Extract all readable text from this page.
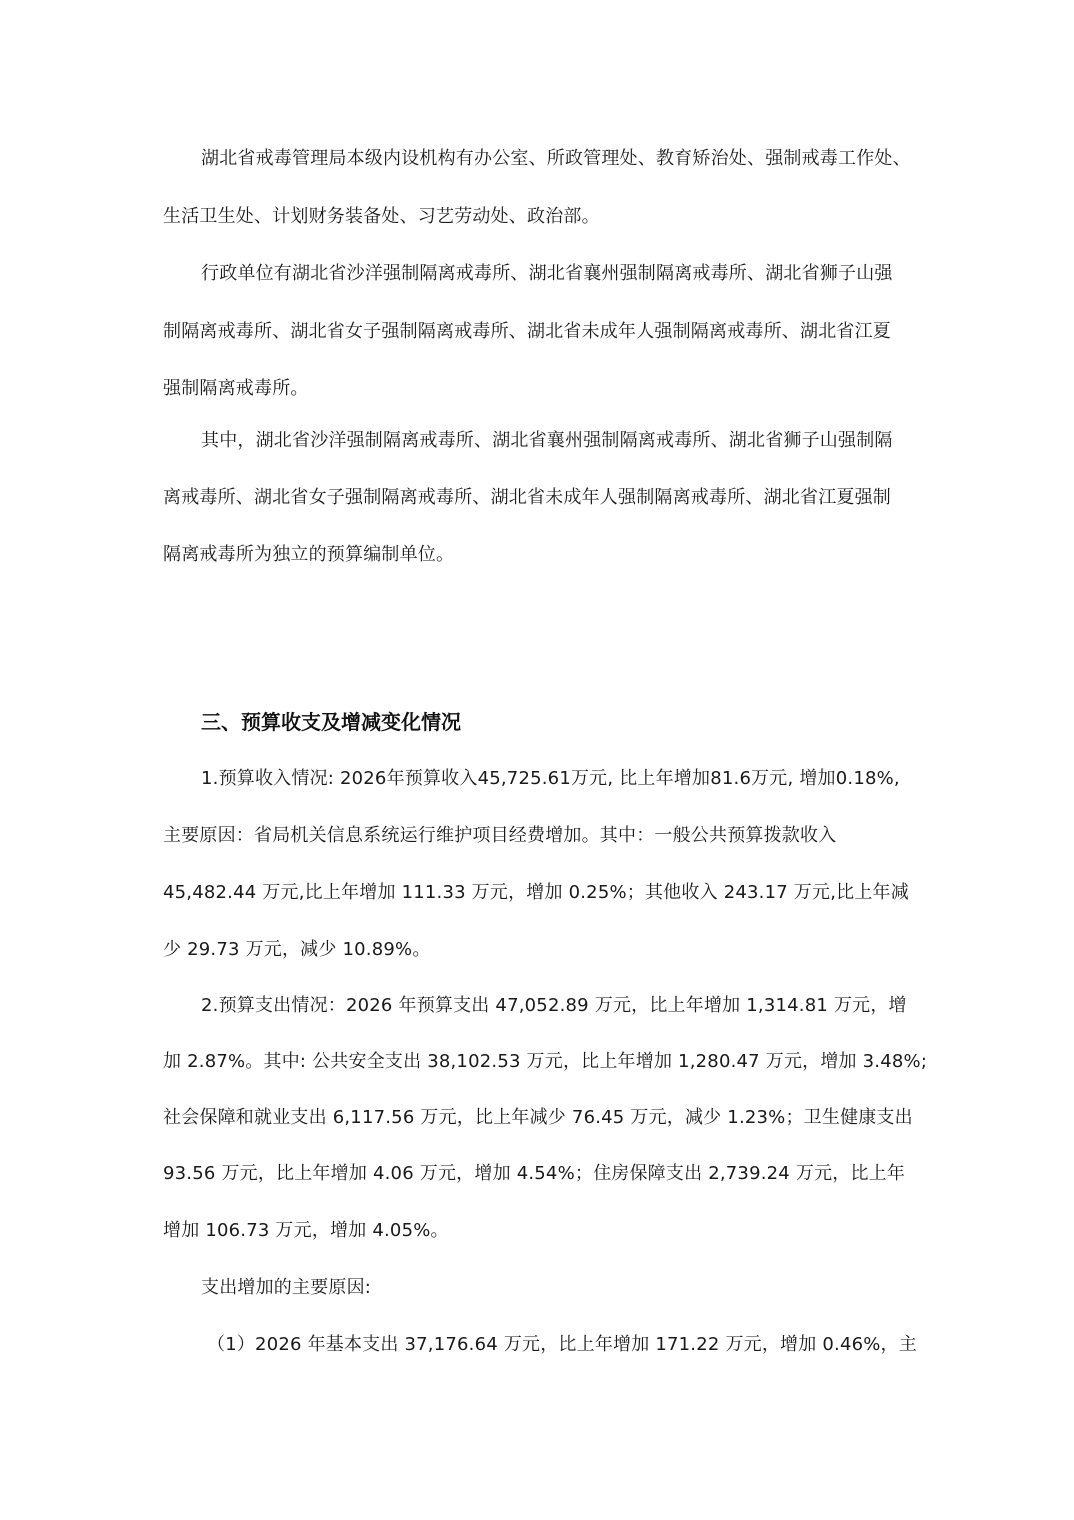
湖北省戒毒管理局本级内设机构有办公室、所政管理处、教育矫治处、强制戒毒工作处、
生活卫生处、计划财务装备处、习艺劳动处、政治部。
行政单位有湖北省沙洋强制隔离戒毒所、湖北省襄州强制隔离戒毒所、湖北省狮子山强
制隔离戒毒所、湖北省女子强制隔离戒毒所、湖北省未成年人强制隔离戒毒所、湖北省江夏
强制隔离戒毒所。
其中，湖北省沙洋强制隔离戒毒所、湖北省襄州强制隔离戒毒所、湖北省狮子山强制隔
离戒毒所、湖北省女子强制隔离戒毒所、湖北省未成年人强制隔离戒毒所、湖北省江夏强制
隔离戒毒所为独立的预算编制单位。
三、预算收支及增减变化情况
1.预算收入情况: 2026年预算收入45,725.61万元, 比上年增加81.6万元, 增加0.18%,
主要原因：省局机关信息系统运行维护项目经费增加。其中：一般公共预算拨款收入
45,482.44 万元,比上年增加 111.33 万元，增加 0.25%；其他收入 243.17 万元,比上年减
少 29.73 万元，减少 10.89%。
2.预算支出情况：2026 年预算支出 47,052.89 万元，比上年增加 1,314.81 万元，增
加 2.87%。其中: 公共安全支出 38,102.53 万元，比上年增加 1,280.47 万元，增加 3.48%;
社会保障和就业支出 6,117.56 万元，比上年减少 76.45 万元，减少 1.23%；卫生健康支出
93.56 万元，比上年增加 4.06 万元，增加 4.54%；住房保障支出 2,739.24 万元，比上年
增加 106.73 万元，增加 4.05%。
支出增加的主要原因:
（1）2026 年基本支出 37,176.64 万元，比上年增加 171.22 万元，增加 0.46%，主
